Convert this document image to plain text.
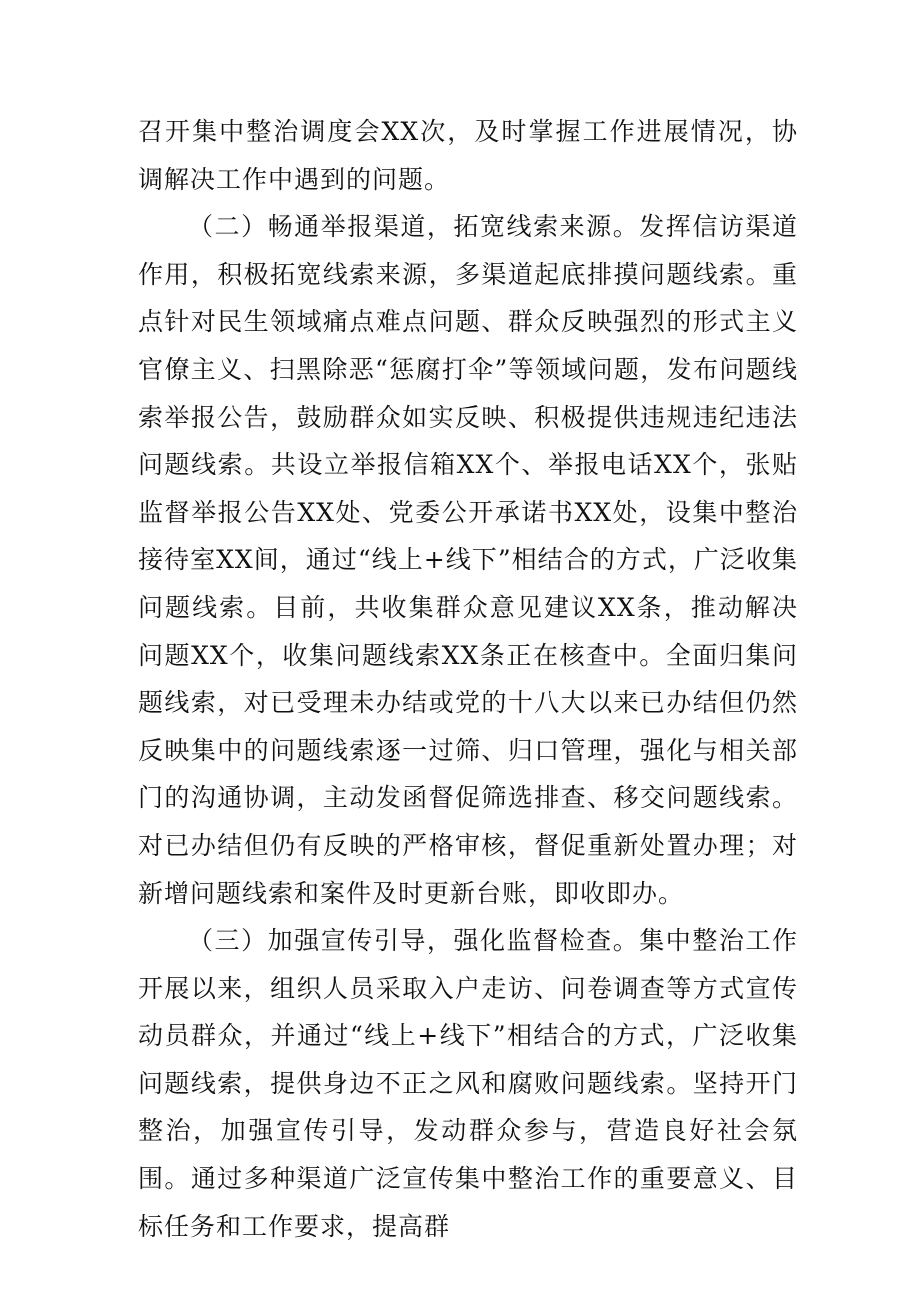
召开集中整治调度会XX次，及时掌握工作进展情况，协调解决工作中遇到的问题。

（二）畅通举报渠道，拓宽线索来源。发挥信访渠道作用，积极拓宽线索来源，多渠道起底排摸问题线索。重点针对民生领域痛点难点问题、群众反映强烈的形式主义官僚主义、扫黑除恶“惩腐打伞”等领域问题，发布问题线索举报公告，鼓励群众如实反映、积极提供违规违纪违法问题线索。共设立举报信箱XX个、举报电话XX个，张贴监督举报公告XX处、党委公开承诺书XX处，设集中整治接待室XX间，通过“线上+线下”相结合的方式，广泛收集问题线索。目前，共收集群众意见建议XX条，推动解决问题XX个，收集问题线索XX条正在核查中。全面归集问题线索，对已受理未办结或党的十八大以来已办结但仍然反映集中的问题线索逐一过筛、归口管理，强化与相关部门的沟通协调，主动发函督促筛选排查、移交问题线索。对已办结但仍有反映的严格审核，督促重新处置办理；对新增问题线索和案件及时更新台账，即收即办。

（三）加强宣传引导，强化监督检查。集中整治工作开展以来，组织人员采取入户走访、问卷调查等方式宣传动员群众，并通过“线上+线下”相结合的方式，广泛收集问题线索，提供身边不正之风和腐败问题线索。坚持开门整治，加强宣传引导，发动群众参与，营造良好社会氛围。通过多种渠道广泛宣传集中整治工作的重要意义、目标任务和工作要求，提高群
